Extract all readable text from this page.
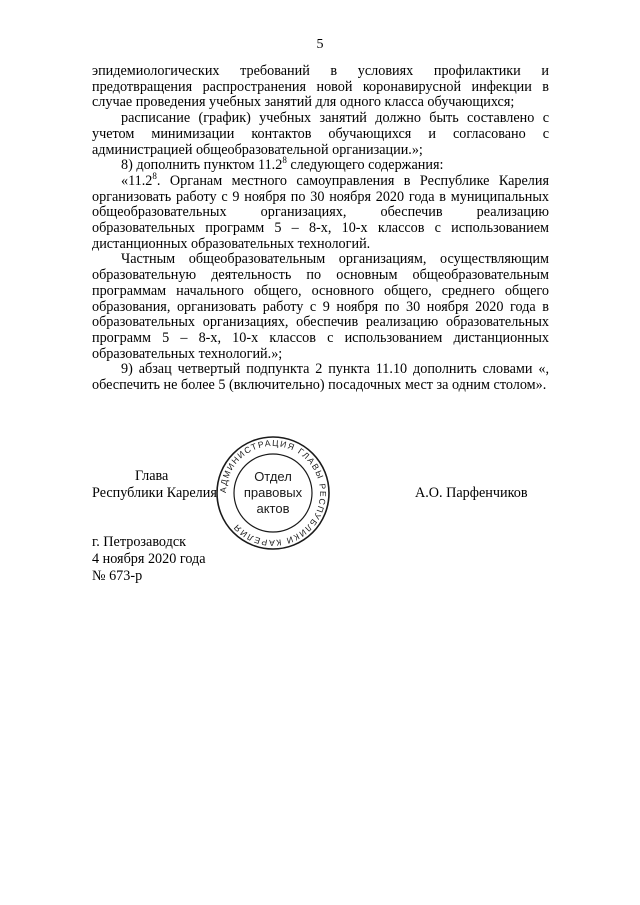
5

эпидемиологических требований в условиях профилактики и предотвращения распространения новой коронавирусной инфекции в случае проведения учебных занятий для одного класса обучающихся;

расписание (график) учебных занятий должно быть составлено с учетом минимизации контактов обучающихся и согласовано с администрацией общеобразовательной организации.»;

8) дополнить пунктом 11.2$^8$ следующего содержания:

«11.2$^8$. Органам местного самоуправления в Республике Карелия организовать работу с 9 ноября по 30 ноября 2020 года в муниципальных общеобразовательных организациях, обеспечив реализацию образовательных программ 5 – 8-х, 10-х классов с использованием дистанционных образовательных технологий.

Частным общеобразовательным организациям, осуществляющим образовательную деятельность по основным общеобразовательным программам начального общего, основного общего, среднего общего образования, организовать работу с 9 ноября по 30 ноября 2020 года в образовательных организациях, обеспечив реализацию образовательных программ 5 – 8-х, 10-х классов с использованием дистанционных образовательных технологий.»;

9) абзац четвертый подпункта 2 пункта 11.10 дополнить словами «, обеспечить не более 5 (включительно) посадочных мест за одним столом».

Глава
Республики Карелия	А.О. Парфенчиков
АДМИНИСТРАЦИЯ ГЛАВЫ РЕСПУБЛИКИ КАРЕЛИЯ
Отдел
правовых
актов
г. Петрозаводск
4 ноября 2020 года
№ 673-р
